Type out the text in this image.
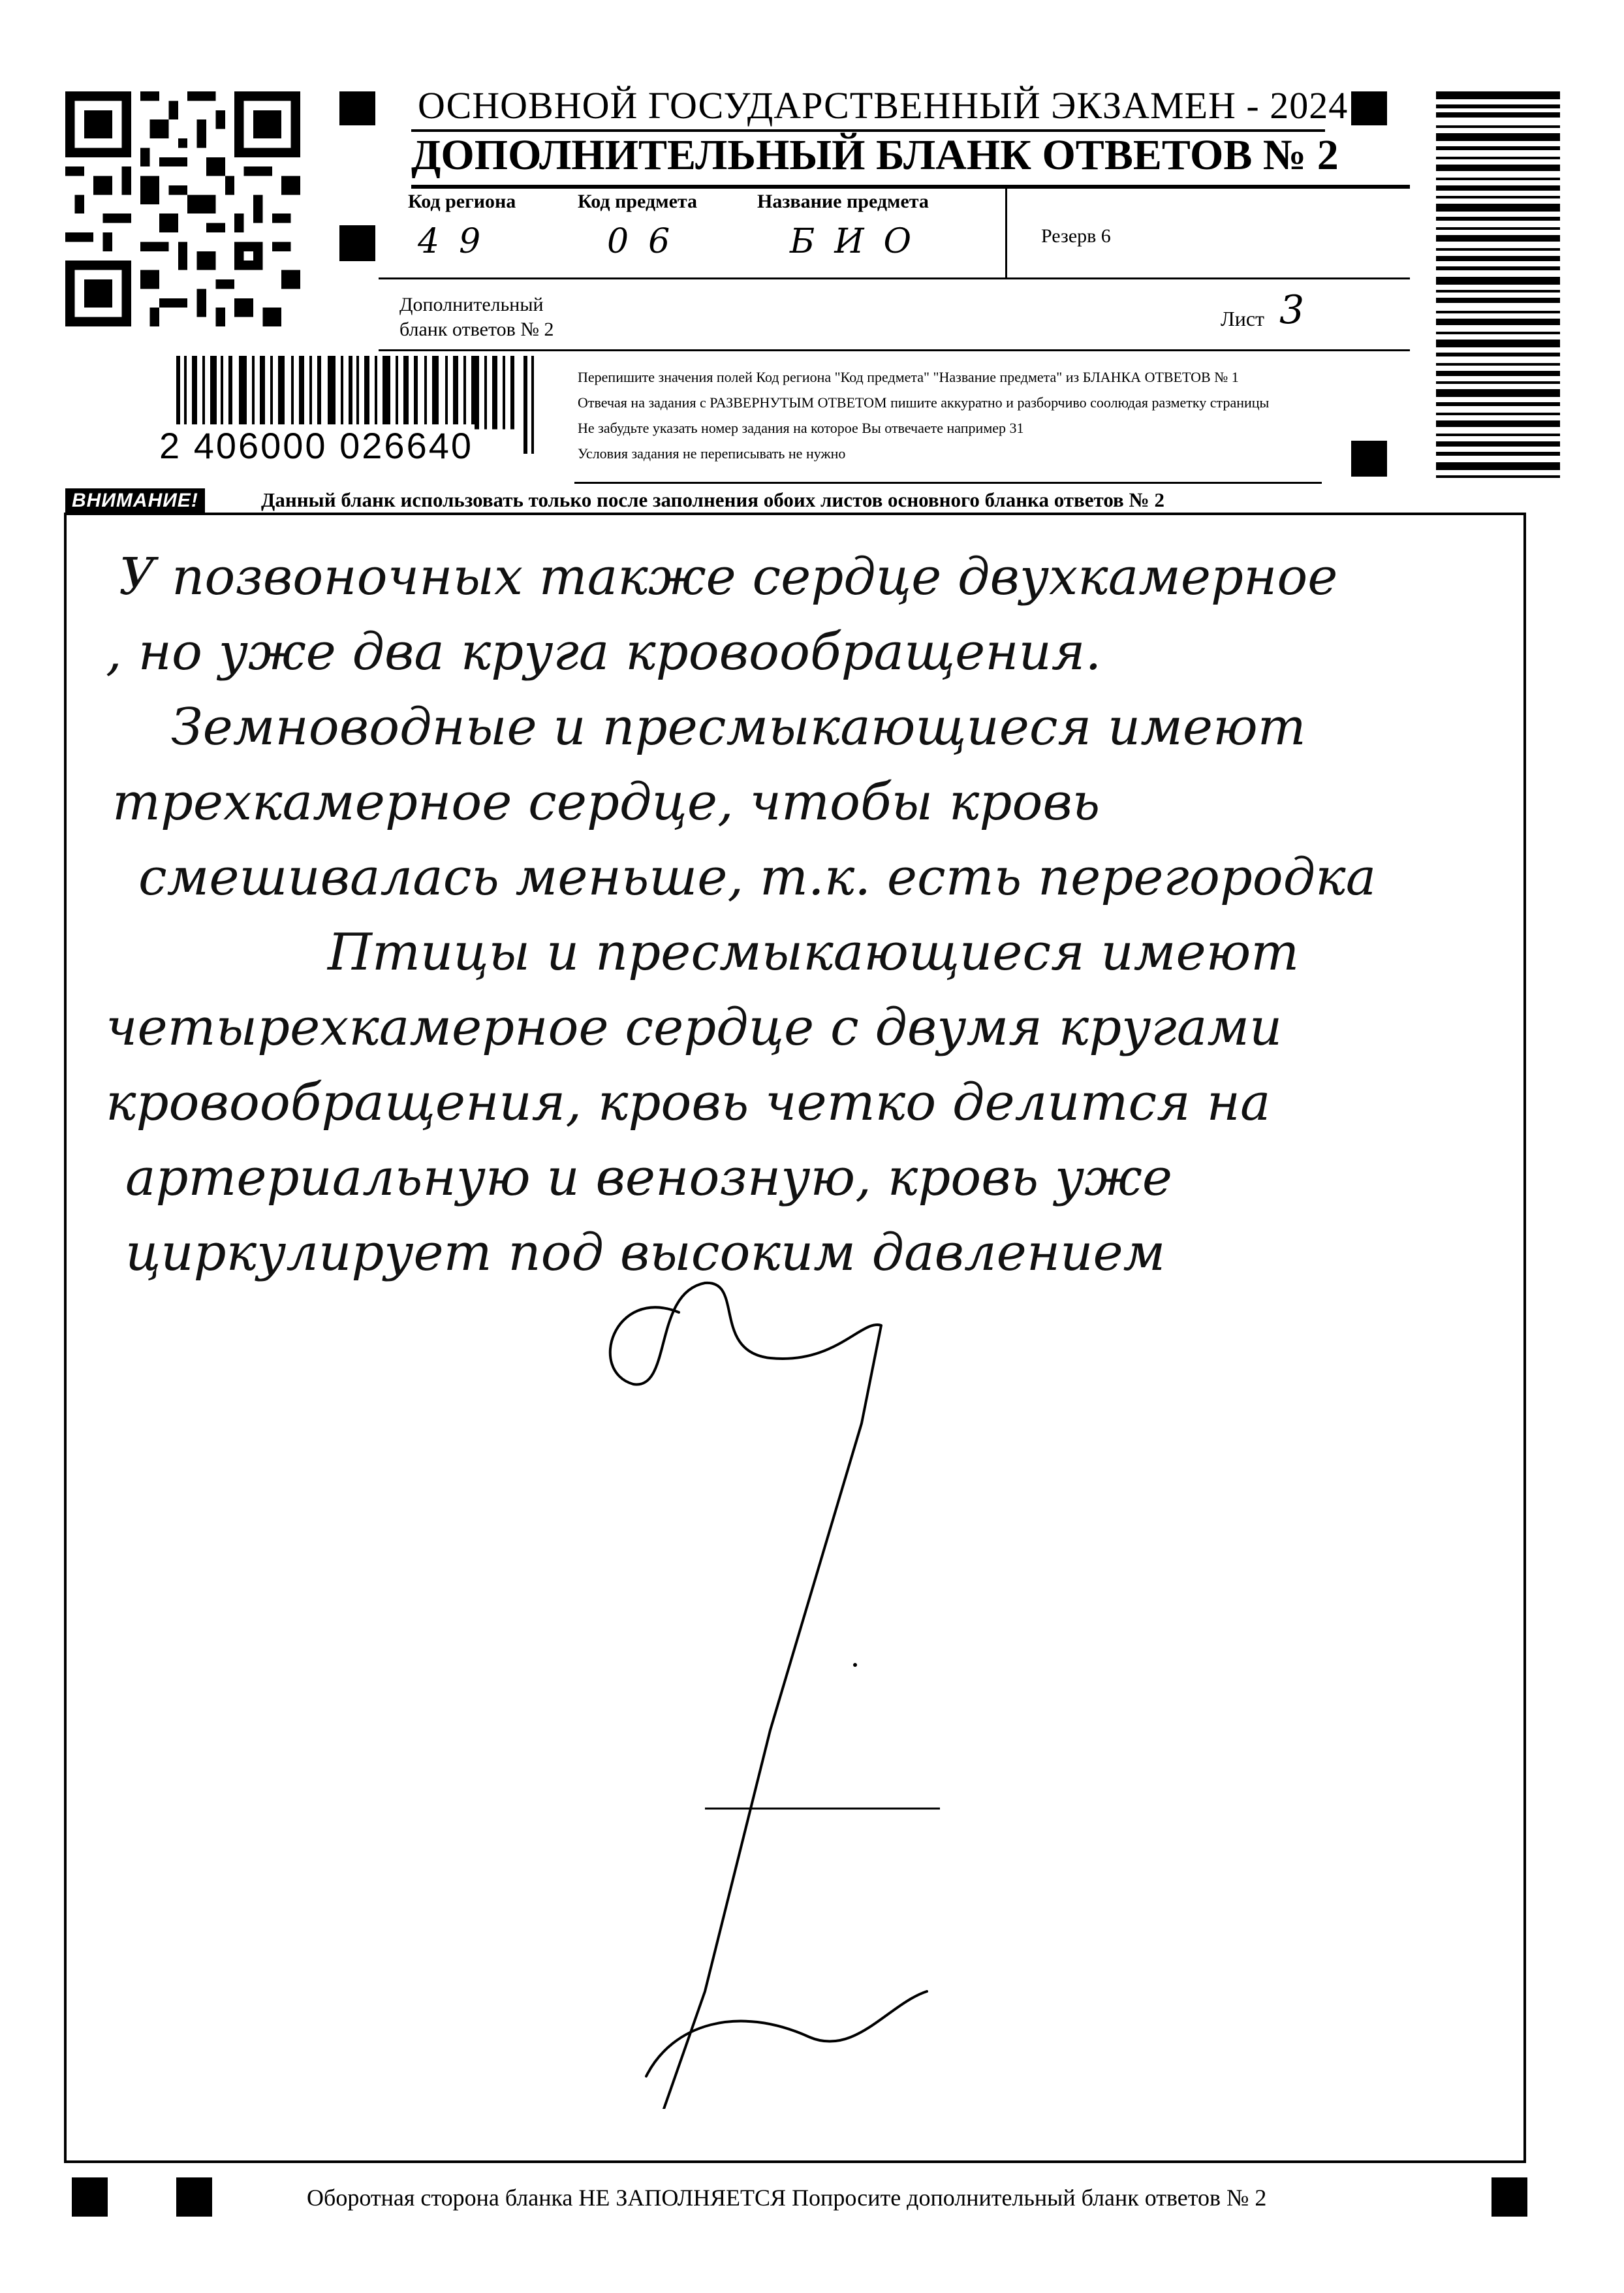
ОСНОВНОЙ ГОСУДАРСТВЕННЫЙ ЭКЗАМЕН - 2024
ДОПОЛНИТЕЛЬНЫЙ БЛАНК ОТВЕТОВ № 2
Код региона
49
Код предмета
06
Название предмета
БИО	Резерв 6
Дополнительный
бланк ответов № 2	Лист 3
2 406000 026640
Перепишите значения полей Код региона "Код предмета" "Название предмета" из БЛАНКА ОТВЕТОВ № 1
Отвечая на задания с РАЗВЕРНУТЫМ ОТВЕТОМ пишите аккуратно и разборчиво соолюдая разметку страницы
Не забудьте указать номер задания на которое Вы отвечаете например 31
Условия задания не переписывать не нужно
ВНИМАНИЕ!	Данный бланк использовать только после заполнения обоих листов основного бланка ответов № 2
У позвоночных также сердце двухкамерное
, но уже два круга кровообращения.
Земноводные и пресмыкающиеся имеют
трехкамерное сердце, чтобы кровь
смешивалась меньше, т.к. есть перегородка
Птицы и пресмыкающиеся имеют
четырехкамерное сердце с двумя кругами
кровообращения, кровь четко делится на
артериальную и венозную, кровь уже
циркулирует под высоким давлением
Оборотная сторона бланка НЕ ЗАПОЛНЯЕТСЯ Попросите дополнительный бланк ответов № 2
